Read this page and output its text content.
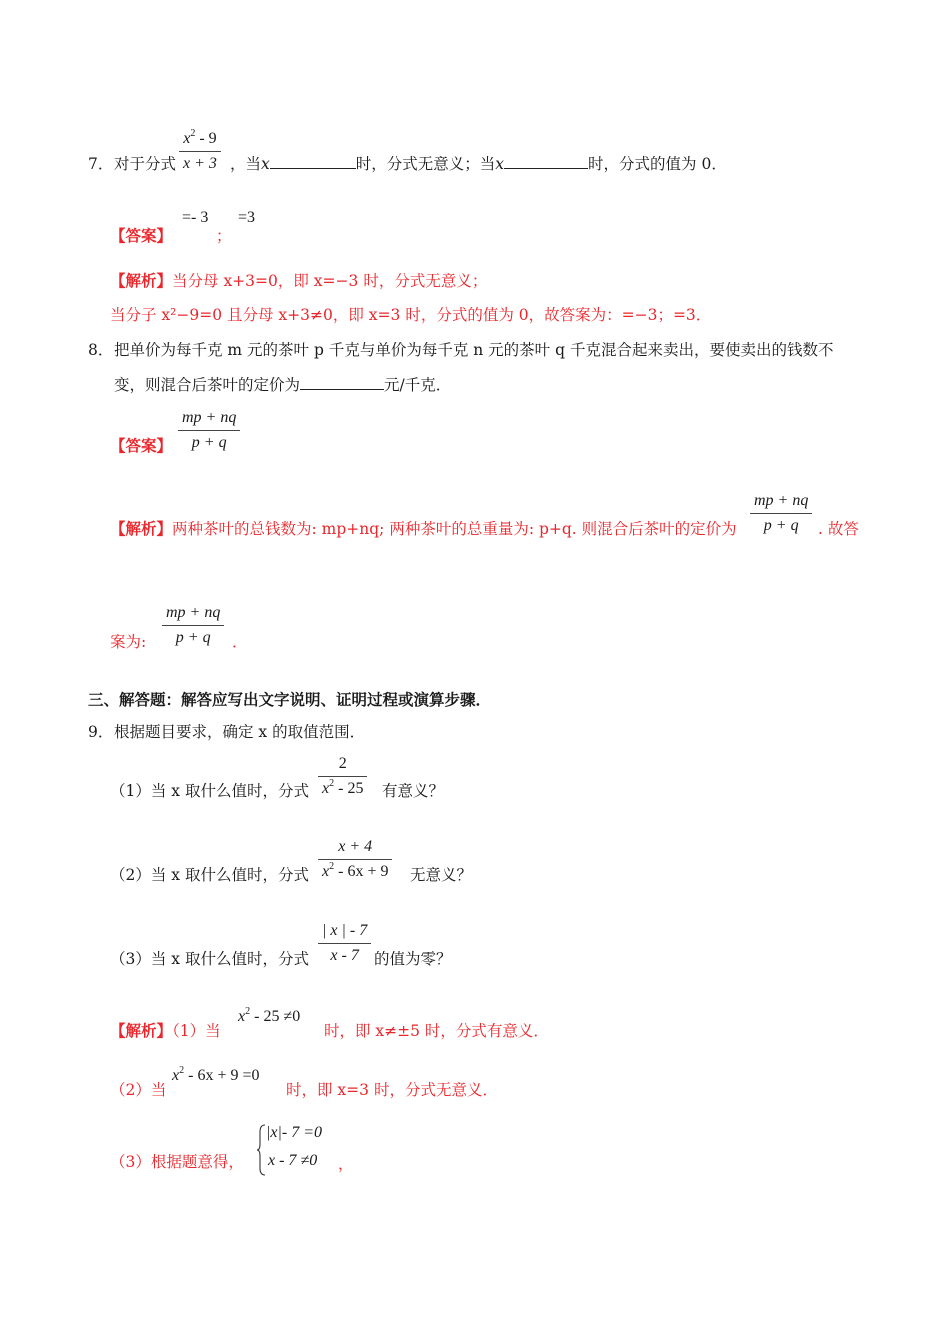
7． 对于分式 $\frac{x^2 - 9}{x + 3}$ ，当x	时，分式无意义；当x	时，分式的值为 0．
【答案】
=- 3
；
=3
【解析】当分母 x+3=0，即 x=−3 时，分式无意义；
当分子 x²−9=0 且分母 x+3≠0，即 x=3 时，分式的值为 0，故答案为：=−3；=3．
8． 把单价为每千克 m 元的茶叶 p 千克与单价为每千克 n 元的茶叶 q 千克混合起来卖出，要使卖出的钱数不
变，则混合后茶叶的定价为	元/千克．
【答案】 $\frac{mp + nq}{p + q}$
【解析】两种茶叶的总钱数为: mp+nq; 两种茶叶的总重量为: p+q. 则混合后茶叶的定价为 $\frac{mp + nq}{p + q}$ . 故答
案为: $\frac{mp + nq}{p + q}$ ．
三、解答题：解答应写出文字说明、证明过程或演算步骤．
9． 根据题目要求，确定 x 的取值范围．
（1）当 x 取什么值时，分式 $\frac{2}{x^2 - 25}$ 有意义？
（2）当 x 取什么值时，分式 $\frac{x + 4}{x^2 - 6x + 9}$ 无意义？
（3）当 x 取什么值时，分式 $\frac{| x | - 7}{x - 7}$ 的值为零？
【解析】（1）当
$x^2 - 25 \ne 0$
时，即 x≠±5 时，分式有意义．
（2）当
$x^2 - 6x + 9 =0$
时，即 x=3 时，分式无意义．
（3）根据题意得，
|x|- 7 =0
x - 7 ≠0 ，
